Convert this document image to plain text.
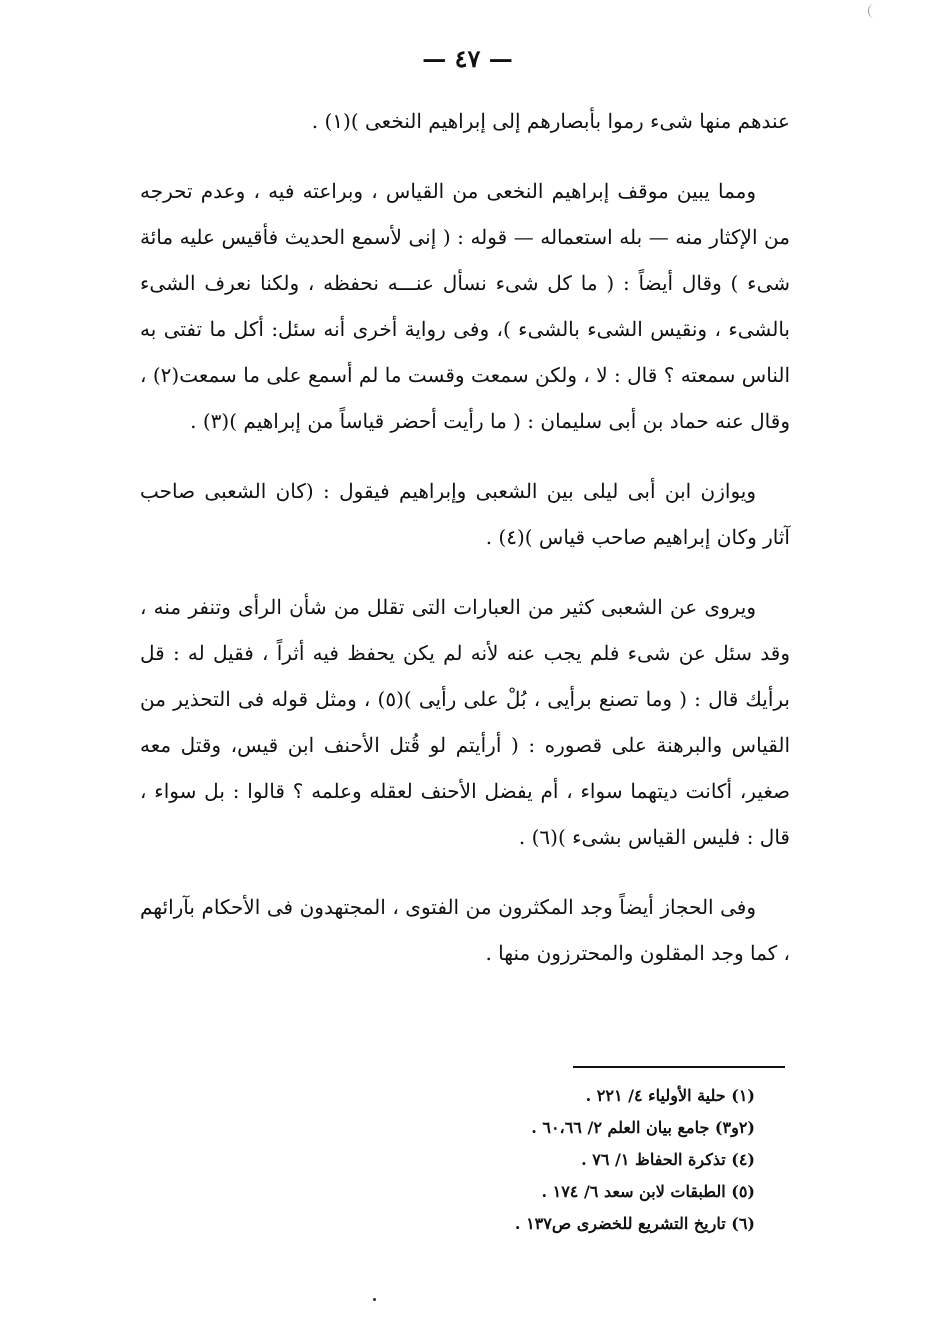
— ٤٧ —

عندهم منها شىء رموا بأبصارهم إلى إبراهيم النخعى )(١) .

ومما يبين موقف إبراهيم النخعى من القياس ، وبراعته فيه ، وعدم تحرجه من الإكثار منه — بله استعماله — قوله : ( إنى لأسمع الحديث فأقيس عليه مائة شىء ) وقال أيضاً : ( ما كل شىء نسأل عنـــه نحفظه ، ولكنا نعرف الشىء بالشىء ، ونقيس الشىء بالشىء )، وفى رواية أخرى أنه سئل: أكل ما تفتى به الناس سمعته ؟ قال : لا ، ولكن سمعت وقست ما لم أسمع على ما سمعت(٢) ، وقال عنه حماد بن أبى سليمان : ( ما رأيت أحضر قياساً من إبراهيم )(٣) .

ويوازن ابن أبى ليلى بين الشعبى وإبراهيم فيقول : (كان الشعبى صاحب آثار وكان إبراهيم صاحب قياس )(٤) .

ويروى عن الشعبى كثير من العبارات التى تقلل من شأن الرأى وتنفر منه ، وقد سئل عن شىء فلم يجب عنه لأنه لم يكن يحفظ فيه أثراً ، فقيل له : قل برأيك قال : ( وما تصنع برأيى ، بُلْ على رأيى )(٥) ، ومثل قوله فى التحذير من القياس والبرهنة على قصوره : ( أرأيتم لو قُتل الأحنف ابن قيس، وقتل معه صغير، أكانت ديتهما سواء ، أم يفضل الأحنف لعقله وعلمه ؟ قالوا : بل سواء ، قال : فليس القياس بشىء )(٦) .

وفى الحجاز أيضاً وجد المكثرون من الفتوى ، المجتهدون فى الأحكام بآرائهم ، كما وجد المقلون والمحترزون منها .

(١) حلية الأولياء ٤/ ٢٢١ .
(٢و٣) جامع بيان العلم ٢/ ٦٠،٦٦ .
(٤) تذكرة الحفاظ ١/ ٧٦ .
(٥) الطبقات لابن سعد ٦/ ١٧٤ .
(٦) تاريخ التشريع للخضرى ص١٣٧ .
